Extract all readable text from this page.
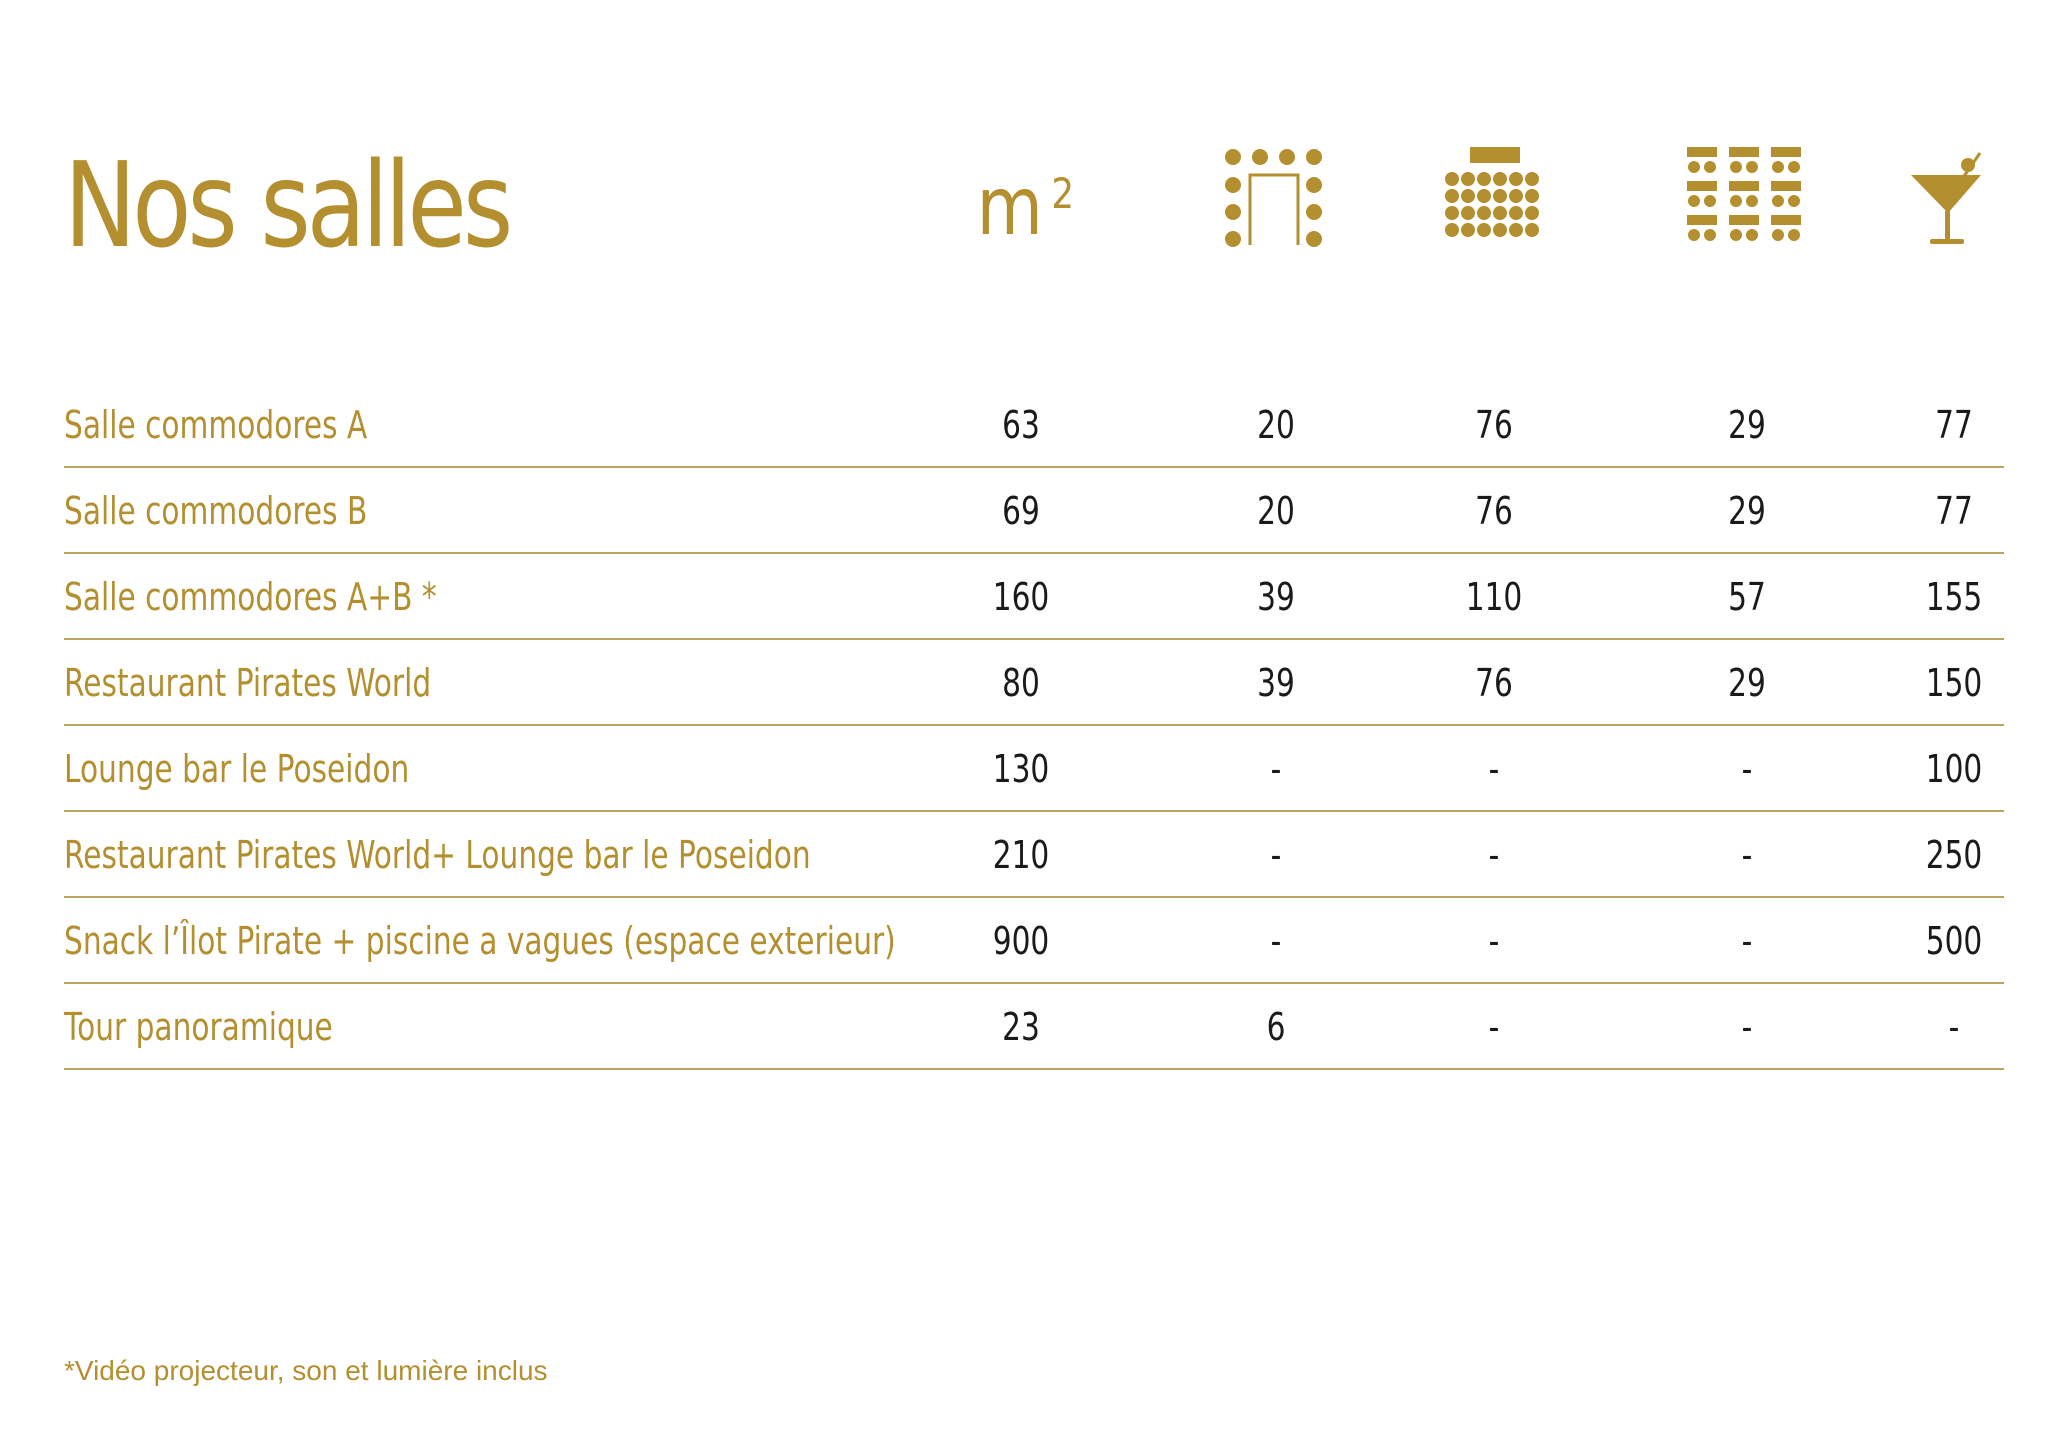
Nos salles	m $^2$
Salle commodores A	63	20	76	29	77
Salle commodores B	69	20	76	29	77
Salle commodores A+B *	160	39	110	57	155
Restaurant Pirates World	80	39	76	29	150
Lounge bar le Poseidon	130	-	-	-	100
Restaurant Pirates World+ Lounge bar le Poseidon	210	-	-	-	250
Snack l’Îlot Pirate + piscine a vagues (espace exterieur)	900	-	-	-	500
Tour panoramique	23	6	-	-	-
*Vidéo projecteur, son et lumière inclus
